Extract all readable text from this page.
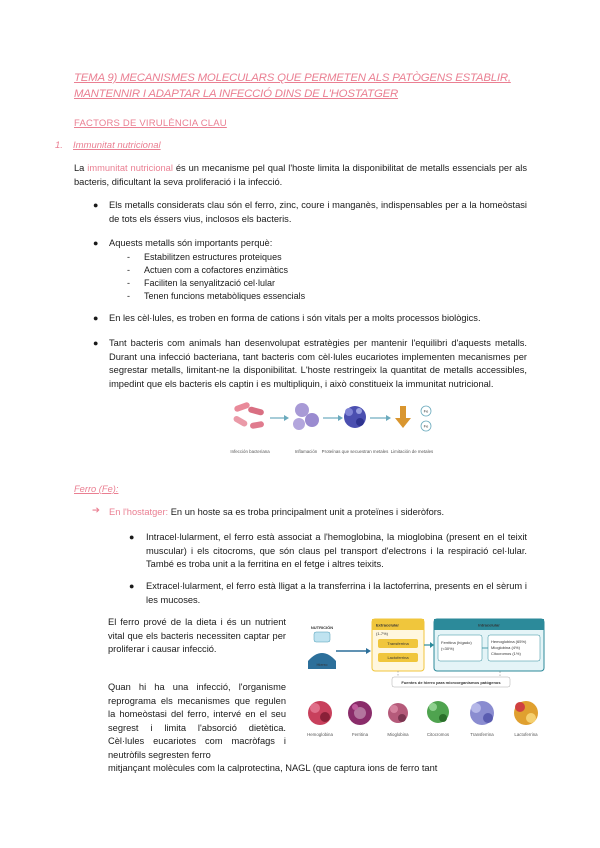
TEMA 9) MECANISMES MOLECULARS QUE PERMETEN ALS PATÒGENS ESTABLIR,
MANTENNIR I ADAPTAR LA INFECCIÓ DINS DE L'HOSTATGER
FACTORS DE VIRULÈNCIA CLAU
1. Immunitat nutricional
La immunitat nutricional és un mecanisme pel qual l'hoste limita la disponibilitat de metalls essencials per als bacteris, dificultant la seva proliferació i la infecció.
● Els metalls considerats clau són el ferro, zinc, coure i manganès, indispensables per a la homeòstasi de tots els éssers vius, inclosos els bacteris.
● Aquests metalls són importants perquè:
- Estabilitzen estructures proteiques
- Actuen com a cofactores enzimàtics
- Faciliten la senyalització cel·lular
- Tenen funcions metabòliques essencials
● En les cèl·lules, es troben en forma de cations i són vitals per a molts processos biològics.
● Tant bacteris com animals han desenvolupat estratègies per mantenir l'equilibri d'aquests metalls. Durant una infecció bacteriana, tant bacteris com cèl·lules eucariotes implementen mecanismes per segrestar metalls, limitant-ne la disponibilitat. L'hoste restringeix la quantitat de metalls accessibles, impedint que els bacteris els captin i es multipliquin, i això constitueix la immunitat nutricional.
Fe
Fe
Infección bacteriana	Inflamación Proteínas que secuestran metales Limitación de metales
Ferro (Fe):
➔ En l'hostatger: En un hoste sa es troba principalment unit a proteïnes i sideròfors.
● Intracel·lularment, el ferro està associat a l'hemoglobina, la mioglobina (present en el teixit muscular) i els citocroms, que són claus pel transport d'electrons i la respiració cel·lular. També es troba unit a la ferritina en el fetge i altres teixits.
● Extracel·lularment, el ferro està lligat a la transferrina i la lactoferrina, presents en el sèrum i les mucoses.
El ferro prové de la dieta i és un nutrient vital que els bacteris necessiten captar per proliferar i causar infecció.
Quan hi ha una infecció, l'organisme reprograma els mecanismes que regulen la homeòstasi del ferro, intervé en el seu segrest i limita l'absorció dietètica. Cèl·lules eucariotes com macròfags i neutròfils segresten ferro
mitjançant molècules com la calprotectina, NAGL (que captura ions de ferro tant
NUTRICIÓN
Hierro
Extracelular
(1-7%)
Transferrina
Lactoferrina
Intracelular
Ferritina (hígado)
(<30%)
Hemoglobina (65%)
Mioglobina (4%)
Citocromos (1%)
Fuentes de hierro para microorganismos patógenos
Hemoglobina	Ferritina	Mioglobina	Citocromos	Transferrina	Lactoferrina
